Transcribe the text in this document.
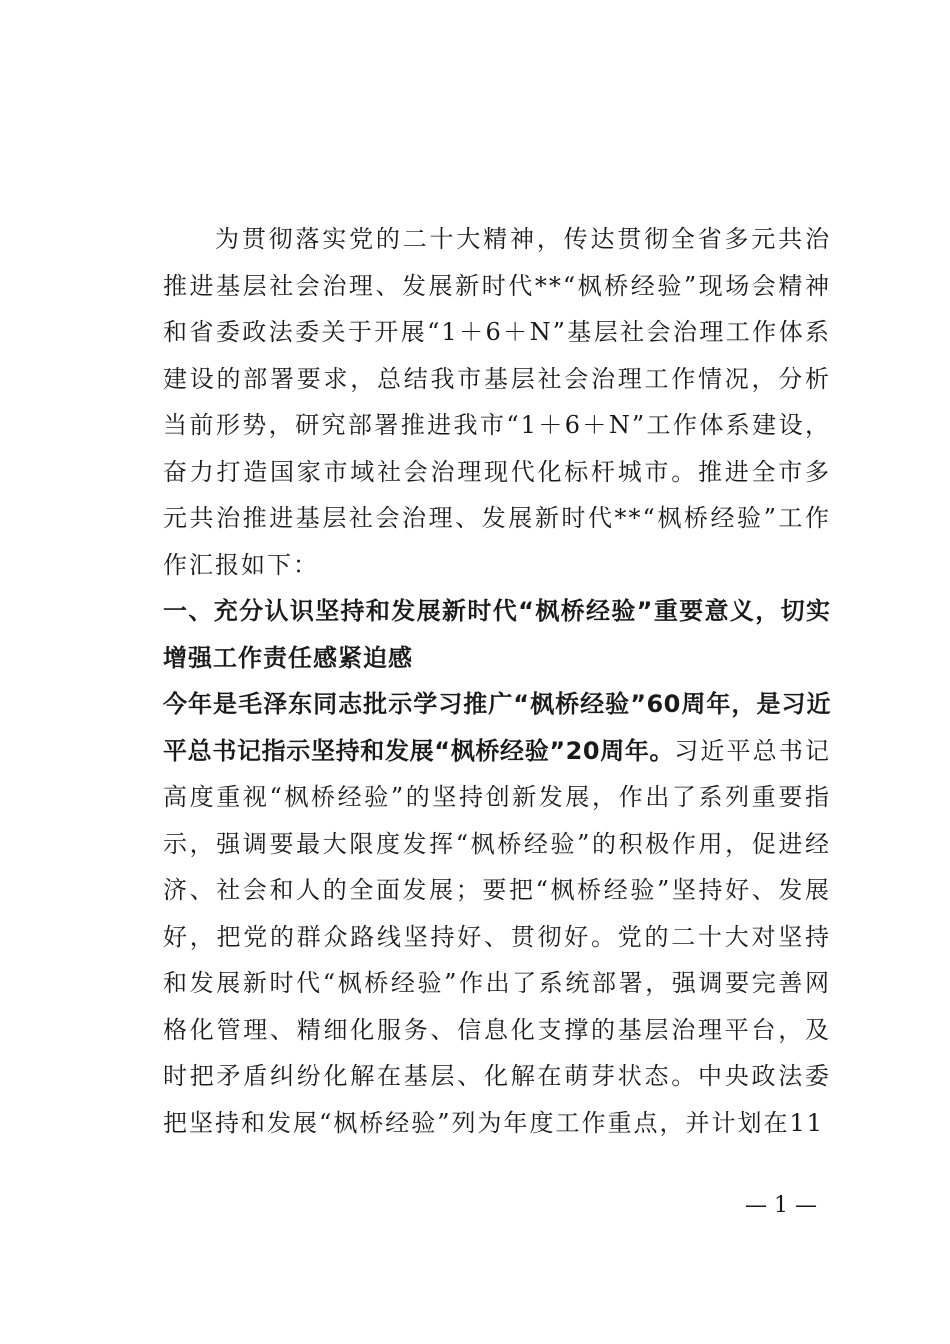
为贯彻落实党的二十大精神，传达贯彻全省多元共治推进基层社会治理、发展新时代**“枫桥经验”现场会精神和省委政法委关于开展“1＋6＋N”基层社会治理工作体系建设的部署要求，总结我市基层社会治理工作情况，分析当前形势，研究部署推进我市“1＋6＋N”工作体系建设，奋力打造国家市域社会治理现代化标杆城市。推进全市多元共治推进基层社会治理、发展新时代**“枫桥经验”工作作汇报如下：

一、充分认识坚持和发展新时代“枫桥经验”重要意义，切实增强工作责任感紧迫感

今年是毛泽东同志批示学习推广“枫桥经验”60周年，是习近平总书记指示坚持和发展“枫桥经验”20周年。习近平总书记高度重视“枫桥经验”的坚持创新发展，作出了系列重要指示，强调要最大限度发挥“枫桥经验”的积极作用，促进经济、社会和人的全面发展；要把“枫桥经验”坚持好、发展好，把党的群众路线坚持好、贯彻好。党的二十大对坚持和发展新时代“枫桥经验”作出了系统部署，强调要完善网格化管理、精细化服务、信息化支撑的基层治理平台，及时把矛盾纠纷化解在基层、化解在萌芽状态。中央政法委把坚持和发展“枫桥经验”列为年度工作重点，并计划在11

— 1 —
